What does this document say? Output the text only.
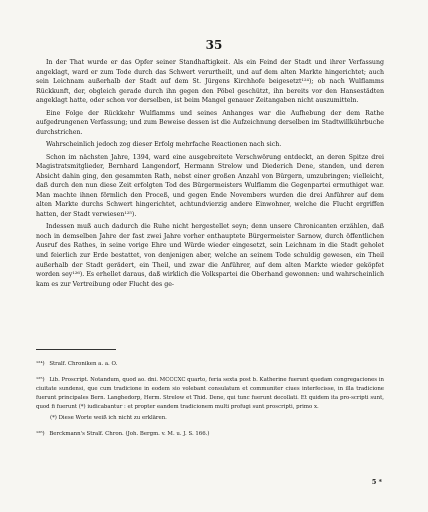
35

In der That wurde er das Opfer seiner Standhaftigkeit. Als ein Feind der Stadt und ihrer Verfassung angeklagt, ward er zum Tode durch das Schwert verurtheilt, und auf dem alten Markte hingerichtet; auch sein Leichnam außerhalb der Stadt auf dem St. Jürgens Kirchhofe beigesetzt¹²⁴); ob nach Wulflamms Rückkunft, der, obgleich gerade durch ihn gegen den Pöbel geschützt, ihn bereits vor den Hansestädten angeklagt hatte, oder schon vor derselben, ist beim Mangel genauer Zeitangaben nicht auszumitteln.

Eine Folge der Rückkehr Wulflamms und seines Anhanges war die Aufhebung der dem Rathe aufgedrungenen Verfassung; und zum Beweise dessen ist die Aufzeichnung derselben im Stadtwillkührbuche durchstrichen.

Wahrscheinlich jedoch zog dieser Erfolg mehrfache Reactionen nach sich.

Schon im nächsten Jahre, 1394, ward eine ausgebreitete Verschwörung entdeckt, an deren Spitze drei Magistratsmitglieder, Bernhard Langendorf, Hermann Strelow und Diederich Dene, standen, und deren Absicht dahin ging, den gesammten Rath, nebst einer großen Anzahl von Bürgern, umzubringen; vielleicht, daß durch den nun diese Zeit erfolgten Tod des Bürgermeisters Wulflamm die Gegenpartei ermuthiget war. Man machte ihnen förmlich den Proceß, und gegen Ende Novembers wurden die drei Anführer auf dem alten Markte durchs Schwert hingerichtet, achtundvierzig andere Einwohner, welche die Flucht ergriffen hatten, der Stadt verwiesen¹²⁵).

Indessen muß auch dadurch die Ruhe nicht hergestellet seyn; denn unsere Chronicanten erzählen, daß noch in demselben Jahre der fast zwei Jahre vorher enthauptete Bürgermeister Sarnow, durch öffentlichen Ausruf des Rathes, in seine vorige Ehre und Würde wieder eingesetzt, sein Leichnam in die Stadt geholet und feierlich zur Erde bestattet, von denjenigen aber, welche an seinem Tode schuldig gewesen, ein Theil außerhalb der Stadt gerädert, ein Theil, und zwar die Anführer, auf dem alten Markte wieder geköpfet worden sey¹²⁶). Es erhellet daraus, daß wirklich die Volkspartei die Oberhand gewonnen: und wahrscheinlich kam es zur Vertreibung oder Flucht des ge-

¹²⁴) Stralf. Chroniken a. a. O.
¹²⁵) Lib. Proscript. Notandum, quod ao. dni. MCCCXC quarto, feria sexta post b. Katherine fuerunt quedam congregaciones in ciuitate sundensi, que cum tradicione in eodem sio volebant consulatum et communiter ciues interfecisse, in illa tradicione fuerunt principales Bern. Langhedorp, Herm. Strelow et Thid. Dene, qui tunc fuerunt decollati. Et quidem ita pro-scripti sunt, quod fi fuerunt (*) iudicabantur : et propter eandem tradicionem multi profugi sunt proscripti, primo x.
(*) Diese Worte weiß ich nicht zu erklären.
¹²⁶) Berckmann's Stralf. Chron. (Joh. Bergm. v. M. u. J. S. 166.)
5 *
